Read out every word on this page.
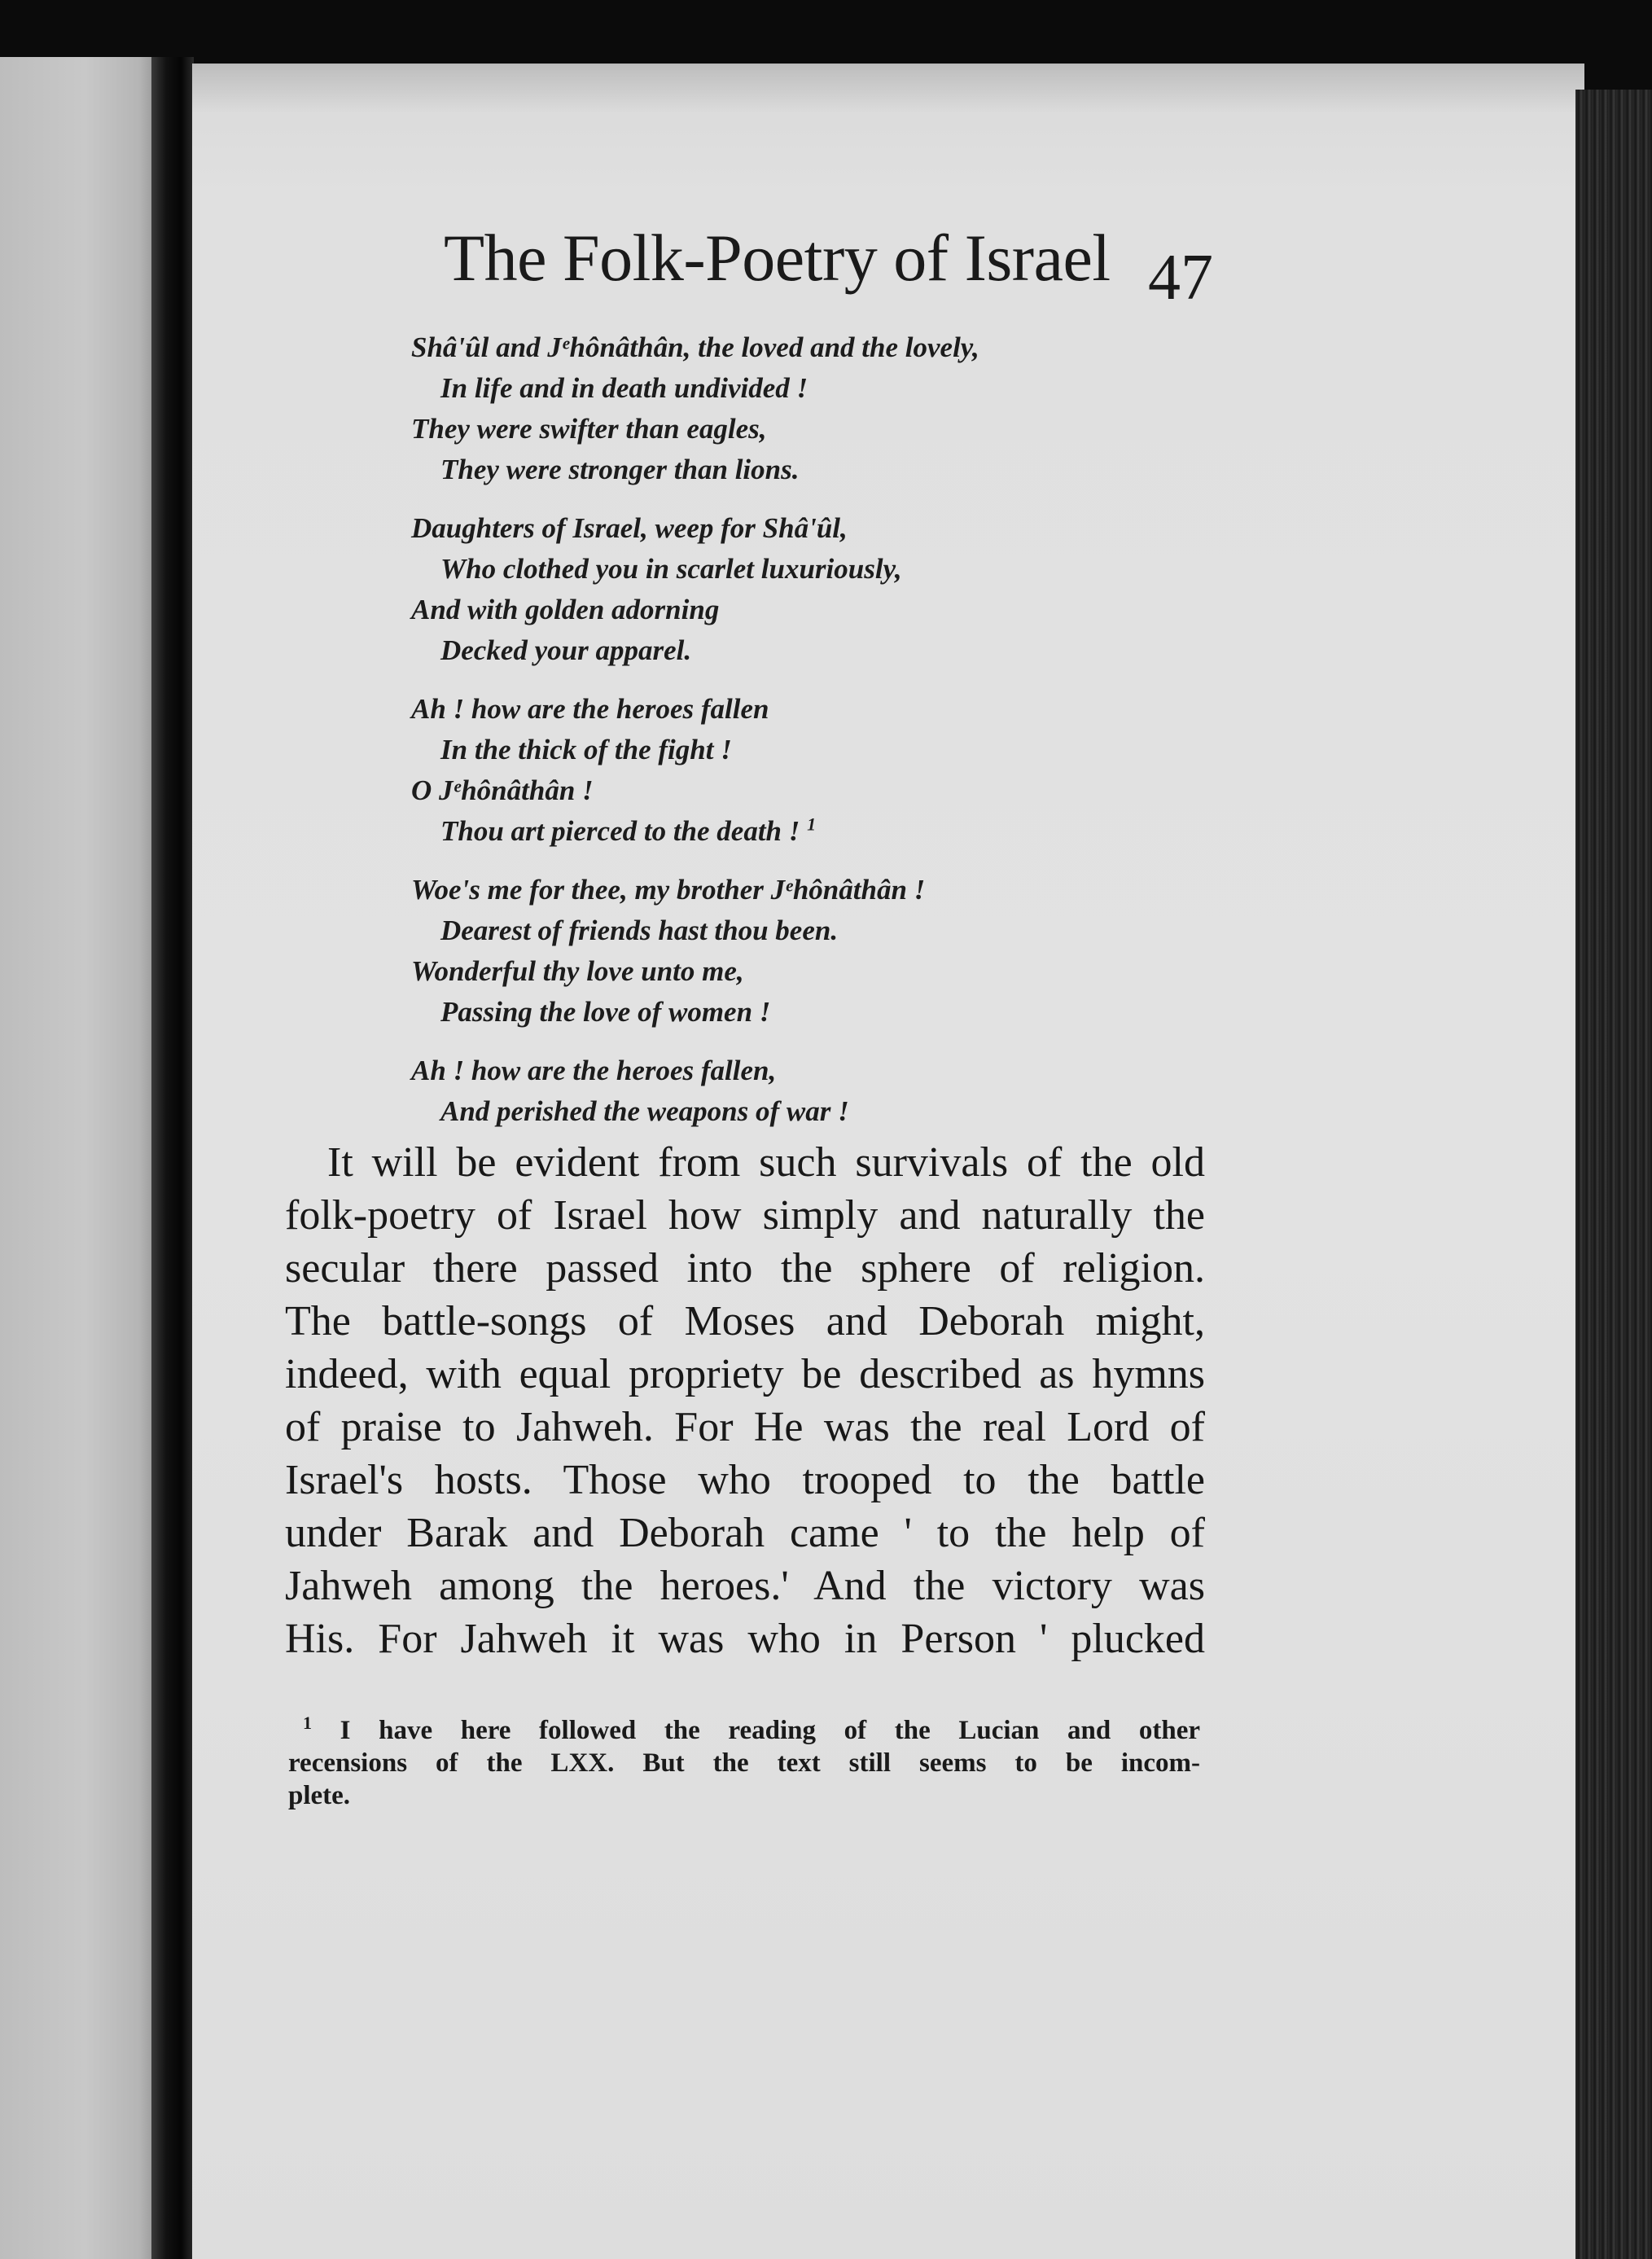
The Folk-Poetry of Israel 47
Shâ'ûl and Jᵉhônâthân, the loved and the lovely,
In life and in death undivided !
They were swifter than eagles,
They were stronger than lions.
Daughters of Israel, weep for Shâ'ûl,
Who clothed you in scarlet luxuriously,
And with golden adorning
Decked your apparel.
Ah ! how are the heroes fallen
In the thick of the fight !
O Jᵉhônâthân !
Thou art pierced to the death ! $^1$
Woe's me for thee, my brother Jᵉhônâthân !
Dearest of friends hast thou been.
Wonderful thy love unto me,
Passing the love of women !
Ah ! how are the heroes fallen,
And perished the weapons of war !
It will be evident from such survivals of the old
folk-poetry of Israel how simply and naturally the
secular there passed into the sphere of religion.
The battle-songs of Moses and Deborah might,
indeed, with equal propriety be described as hymns
of praise to Jahweh. For He was the real Lord of
Israel's hosts. Those who trooped to the battle
under Barak and Deborah came ' to the help of
Jahweh among the heroes.' And the victory was
His. For Jahweh it was who in Person ' plucked
$^1$ I have here followed the reading of the Lucian and other
recensions of the LXX. But the text still seems to be incom-
plete.
